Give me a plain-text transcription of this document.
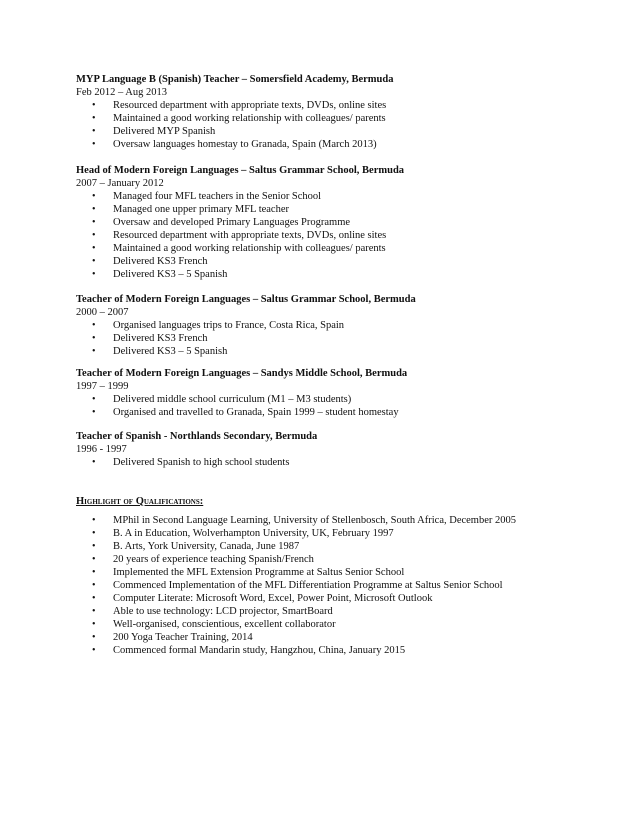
MYP Language B (Spanish) Teacher – Somersfield Academy, Bermuda
Feb 2012 – Aug 2013
• Resourced department with appropriate texts, DVDs, online sites
• Maintained a good working relationship with colleagues/ parents
• Delivered MYP Spanish
• Oversaw languages homestay to Granada, Spain (March 2013)
Head of Modern Foreign Languages – Saltus Grammar School, Bermuda
2007 – January 2012
• Managed four MFL teachers in the Senior School
• Managed one upper primary MFL teacher
• Oversaw and developed Primary Languages Programme
• Resourced department with appropriate texts, DVDs, online sites
• Maintained a good working relationship with colleagues/ parents
• Delivered KS3 French
• Delivered KS3 – 5 Spanish
Teacher of Modern Foreign Languages – Saltus Grammar School, Bermuda
2000 – 2007
• Organised languages trips to France, Costa Rica, Spain
• Delivered KS3 French
• Delivered KS3 – 5 Spanish
Teacher of Modern Foreign Languages – Sandys Middle School, Bermuda
1997 – 1999
• Delivered middle school curriculum (M1 – M3 students)
• Organised and travelled to Granada, Spain 1999 – student homestay
Teacher of Spanish - Northlands Secondary, Bermuda
1996 - 1997
• Delivered Spanish to high school students
Highlight of Qualifications:
• MPhil in Second Language Learning, University of Stellenbosch, South Africa, December 2005
• B. A in Education, Wolverhampton University, UK, February 1997
• B. Arts, York University, Canada, June 1987
• 20 years of experience teaching Spanish/French
• Implemented the MFL Extension Programme at Saltus Senior School
• Commenced Implementation of the MFL Differentiation Programme at Saltus Senior School
• Computer Literate: Microsoft Word, Excel, Power Point, Microsoft Outlook
• Able to use technology: LCD projector, SmartBoard
• Well-organised, conscientious, excellent collaborator
• 200 Yoga Teacher Training, 2014
• Commenced formal Mandarin study, Hangzhou, China, January 2015
